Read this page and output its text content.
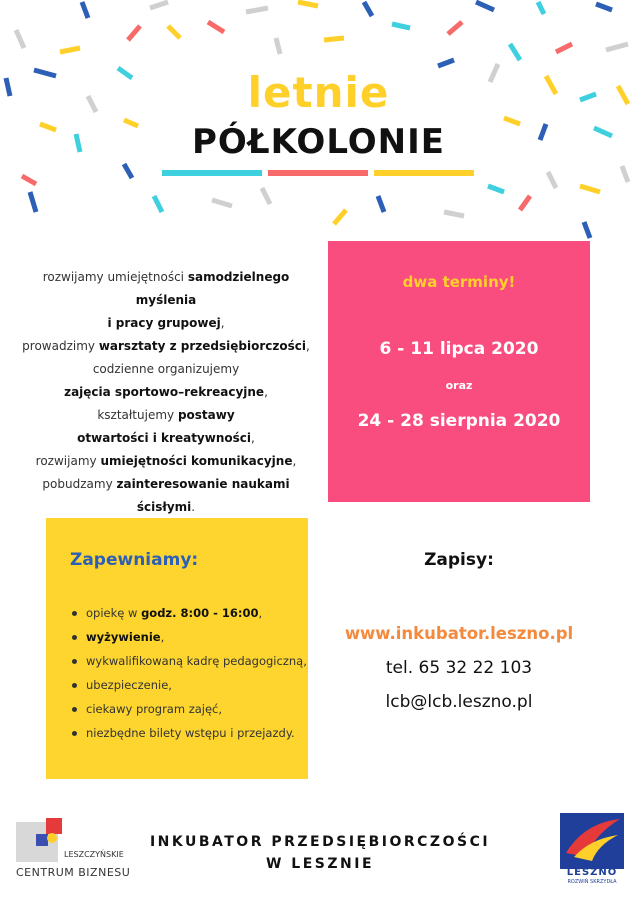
letnie
PÓŁKOLONIE
rozwijamy umiejętności samodzielnego myślenia
i pracy grupowej,
prowadzimy warsztaty z przedsiębiorczości,
codzienne organizujemy
zajęcia sportowo–rekreacyjne,
kształtujemy postawy
otwartości i kreatywności,
rozwijamy umiejętności komunikacyjne,
pobudzamy zainteresowanie naukami ścisłymi.
dwa terminy!
6 - 11 lipca 2020
oraz
24 - 28 sierpnia 2020
Zapewniamy:
opiekę w godz. 8:00 - 16:00,
wyżywienie,
wykwalifikowaną kadrę pedagogiczną,
ubezpieczenie,
ciekawy program zajęć,
niezbędne bilety wstępu i przejazdy.
Zapisy:
www.inkubator.leszno.pl
tel. 65 32 22 103
lcb@lcb.leszno.pl
LESZCZYŃSKIE
CENTRUM BIZNESU
INKUBATOR PRZEDSIĘBIORCZOŚCI
W LESZNIE
LESZNO
ROZWIŃ SKRZYDŁA
